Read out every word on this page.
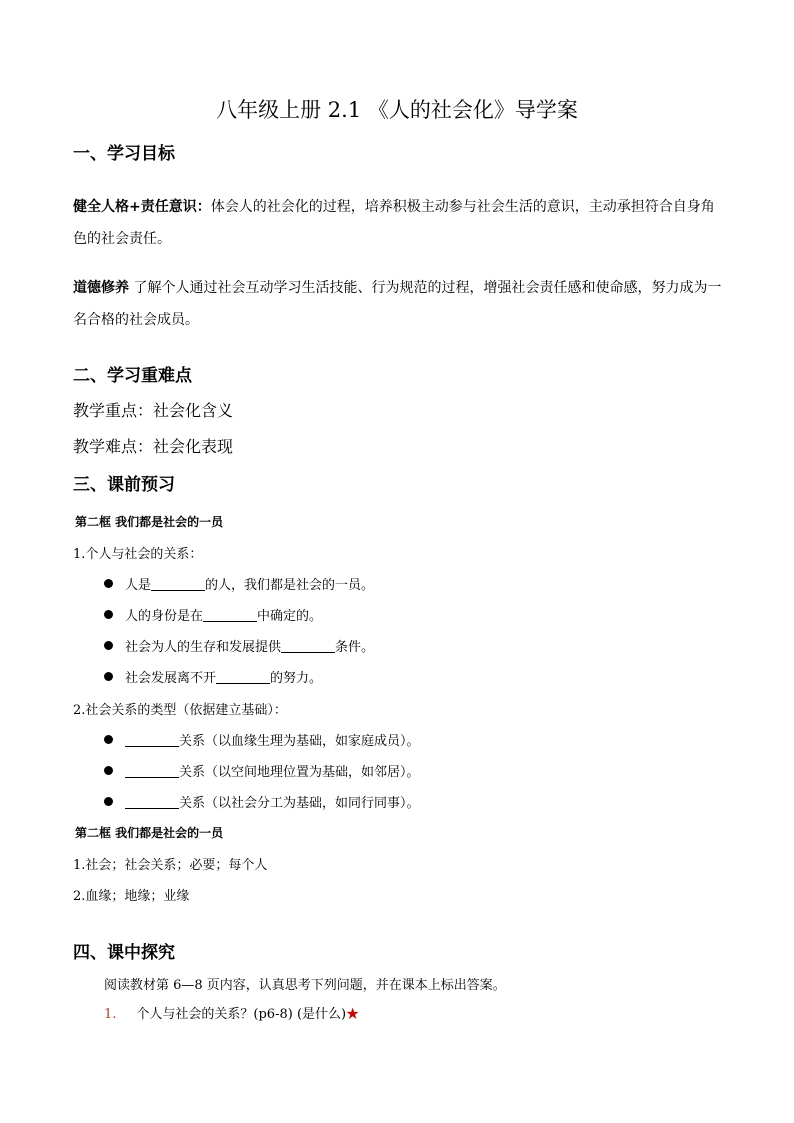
八年级上册 2.1 《人的社会化》导学案
一、学习目标
健全人格+责任意识：体会人的社会化的过程，培养积极主动参与社会生活的意识，主动承担符合自身角色的社会责任。
道德修养 了解个人通过社会互动学习生活技能、行为规范的过程，增强社会责任感和使命感，努力成为一名合格的社会成员。
二、学习重难点
教学重点：社会化含义
教学难点：社会化表现
三、课前预习
第二框 我们都是社会的一员
1.个人与社会的关系：
人是	的人，我们都是社会的一员。
人的身份是在	中确定的。
社会为人的生存和发展提供	条件。
社会发展离不开	的努力。
2.社会关系的类型（依据建立基础）：
关系（以血缘生理为基础，如家庭成员）。
关系（以空间地理位置为基础，如邻居）。
关系（以社会分工为基础，如同行同事）。
第二框 我们都是社会的一员
1.社会；社会关系；必要；每个人
2.血缘；地缘；业缘
四、课中探究
阅读教材第 6—8 页内容，认真思考下列问题，并在课本上标出答案。
1. 个人与社会的关系？(p6-8) (是什么)★
